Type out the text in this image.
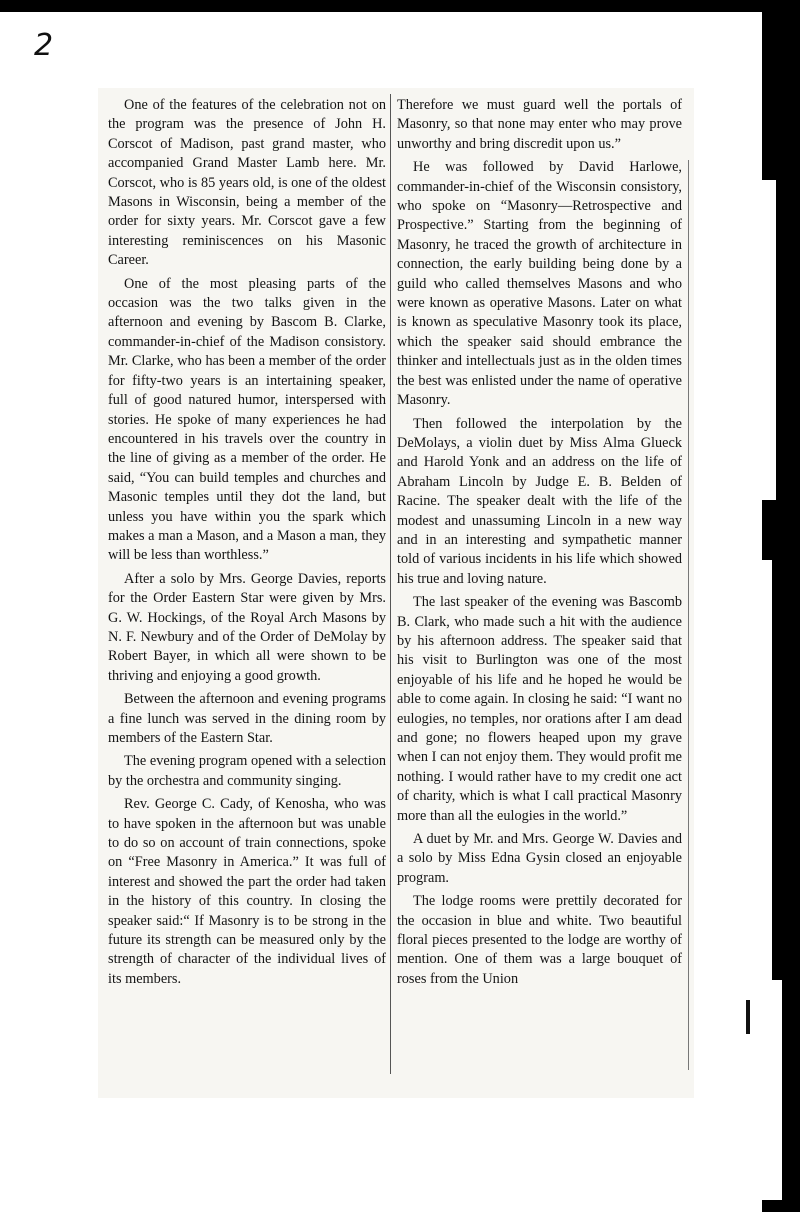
2

One of the features of the celebration not on the program was the presence of John H. Corscot of Madison, past grand master, who accompanied Grand Master Lamb here. Mr. Corscot, who is 85 years old, is one of the oldest Masons in Wisconsin, being a member of the order for sixty years. Mr. Corscot gave a few interesting reminiscences on his Masonic Career.

One of the most pleasing parts of the occasion was the two talks given in the afternoon and evening by Bascom B. Clarke, commander-in-chief of the Madison consistory. Mr. Clarke, who has been a member of the order for fifty-two years is an intertaining speaker, full of good natured humor, interspersed with stories. He spoke of many experiences he had encountered in his travels over the country in the line of giving as a member of the order. He said, “You can build temples and churches and Masonic temples until they dot the land, but unless you have within you the spark which makes a man a Mason, and a Mason a man, they will be less than worthless.”

After a solo by Mrs. George Davies, reports for the Order Eastern Star were given by Mrs. G. W. Hockings, of the Royal Arch Masons by N. F. Newbury and of the Order of DeMolay by Robert Bayer, in which all were shown to be thriving and enjoying a good growth.

Between the afternoon and evening programs a fine lunch was served in the dining room by members of the Eastern Star.

The evening program opened with a selection by the orchestra and community singing.

Rev. George C. Cady, of Kenosha, who was to have spoken in the afternoon but was unable to do so on account of train connections, spoke on “Free Masonry in America.” It was full of interest and showed the part the order had taken in the history of this country. In closing the speaker said:“ If Masonry is to be strong in the future its strength can be measured only by the strength of character of the individual lives of its members.

Therefore we must guard well the portals of Masonry, so that none may enter who may prove unworthy and bring discredit upon us.”

He was followed by David Harlowe, commander-in-chief of the Wisconsin consistory, who spoke on “Masonry—Retrospective and Prospective.” Starting from the beginning of Masonry, he traced the growth of architecture in connection, the early building being done by a guild who called themselves Masons and who were known as operative Masons. Later on what is known as speculative Masonry took its place, which the speaker said should embrance the thinker and intellectuals just as in the olden times the best was enlisted under the name of operative Masonry.

Then followed the interpolation by the DeMolays, a violin duet by Miss Alma Glueck and Harold Yonk and an address on the life of Abraham Lincoln by Judge E. B. Belden of Racine. The speaker dealt with the life of the modest and unassuming Lincoln in a new way and in an interesting and sympathetic manner told of various incidents in his life which showed his true and loving nature.

The last speaker of the evening was Bascomb B. Clark, who made such a hit with the audience by his afternoon address. The speaker said that his visit to Burlington was one of the most enjoyable of his life and he hoped he would be able to come again. In closing he said: “I want no eulogies, no temples, nor orations after I am dead and gone; no flowers heaped upon my grave when I can not enjoy them. They would profit me nothing. I would rather have to my credit one act of charity, which is what I call practical Masonry more than all the eulogies in the world.”

A duet by Mr. and Mrs. George W. Davies and a solo by Miss Edna Gysin closed an enjoyable program.

The lodge rooms were prettily decorated for the occasion in blue and white. Two beautiful floral pieces presented to the lodge are worthy of mention. One of them was a large bouquet of roses from the Union
